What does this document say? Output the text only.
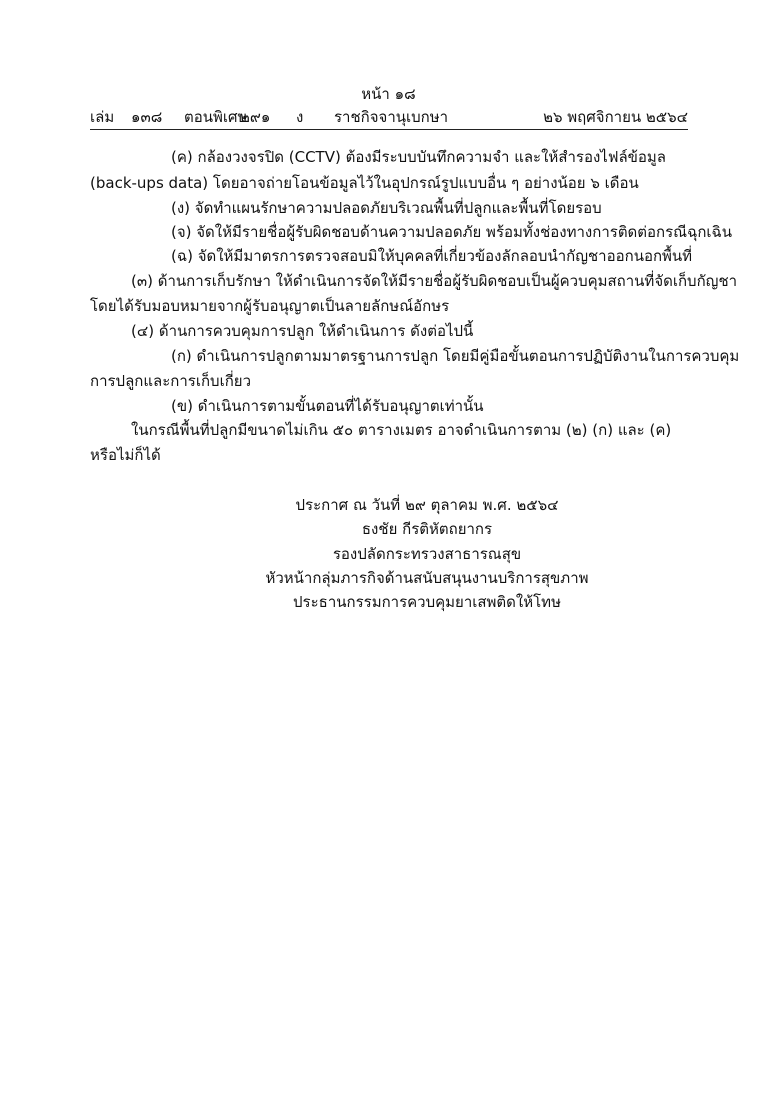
หน้า ๑๘
เล่ม ๑๓๘ ตอนพิเศษ
๒๙๑ ง ราชกิจจานุเบกษา	๒๖ พฤศจิกายน ๒๕๖๔
(ค) กล้องวงจรปิด (CCTV) ต้องมีระบบบันทึกความจำ และให้สำรองไฟล์ข้อมูล
(back-ups data) โดยอาจถ่ายโอนข้อมูลไว้ในอุปกรณ์รูปแบบอื่น ๆ อย่างน้อย ๖ เดือน
(ง) จัดทำแผนรักษาความปลอดภัยบริเวณพื้นที่ปลูกและพื้นที่โดยรอบ
(จ) จัดให้มีรายชื่อผู้รับผิดชอบด้านความปลอดภัย พร้อมทั้งช่องทางการติดต่อกรณีฉุกเฉิน
(ฉ) จัดให้มีมาตรการตรวจสอบมิให้บุคคลที่เกี่ยวข้องลักลอบนำกัญชาออกนอกพื้นที่
(๓) ด้านการเก็บรักษา ให้ดำเนินการจัดให้มีรายชื่อผู้รับผิดชอบเป็นผู้ควบคุมสถานที่จัดเก็บกัญชา
โดยได้รับมอบหมายจากผู้รับอนุญาตเป็นลายลักษณ์อักษร
(๔) ด้านการควบคุมการปลูก ให้ดำเนินการ ดังต่อไปนี้
(ก) ดำเนินการปลูกตามมาตรฐานการปลูก โดยมีคู่มือขั้นตอนการปฏิบัติงานในการควบคุม
การปลูกและการเก็บเกี่ยว
(ข) ดำเนินการตามขั้นตอนที่ได้รับอนุญาตเท่านั้น
ในกรณีพื้นที่ปลูกมีขนาดไม่เกิน ๕๐ ตารางเมตร อาจดำเนินการตาม (๒) (ก) และ (ค)
หรือไม่ก็ได้
ประกาศ ณ วันที่ ๒๙ ตุลาคม พ.ศ. ๒๕๖๔
ธงชัย กีรติหัตถยากร
รองปลัดกระทรวงสาธารณสุข
หัวหน้ากลุ่มภารกิจด้านสนับสนุนงานบริการสุขภาพ
ประธานกรรมการควบคุมยาเสพติดให้โทษ
